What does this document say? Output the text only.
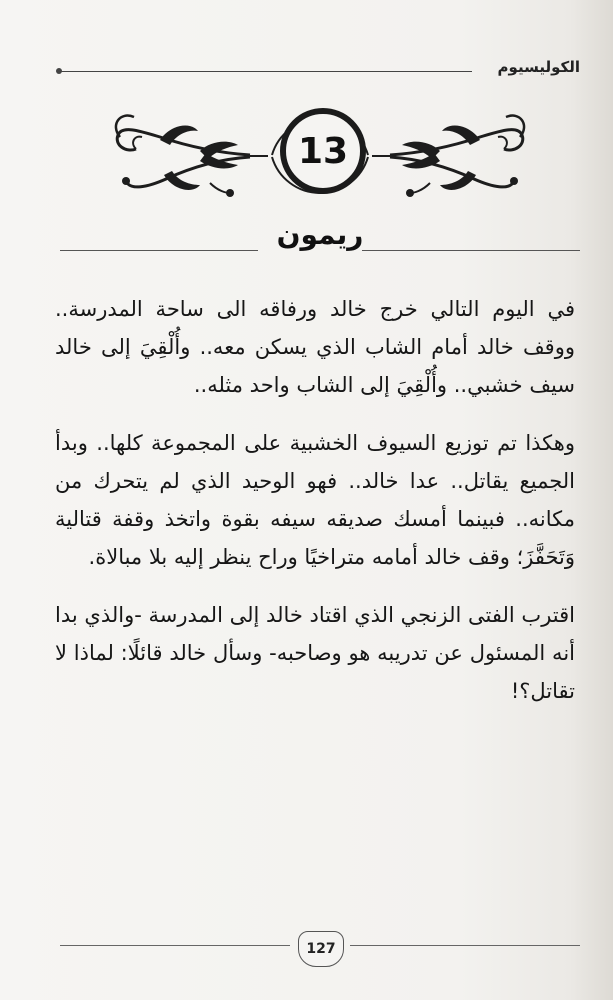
الكوليسيوم
13
ريمون

في اليوم التالي خرج خالد ورفاقه الى ساحة المدرسة.. ووقف خالد أمام الشاب الذي يسكن معه.. وأُلْقِيَ إلى خالد سيف خشبي.. وأُلْقِيَ إلى الشاب واحد مثله..

وهكذا تم توزيع السيوف الخشبية على المجموعة كلها.. وبدأ الجميع يقاتل.. عدا خالد.. فهو الوحيد الذي لم يتحرك من مكانه.. فبينما أمسك صديقه سيفه بقوة واتخذ وقفة قتالية وَتَحَفَّزَ؛ وقف خالد أمامه متراخيًا وراح ينظر إليه بلا مبالاة.

اقترب الفتى الزنجي الذي اقتاد خالد إلى المدرسة -والذي بدا أنه المسئول عن تدريبه هو وصاحبه- وسأل خالد قائلًا: لماذا لا تقاتل؟!

127
